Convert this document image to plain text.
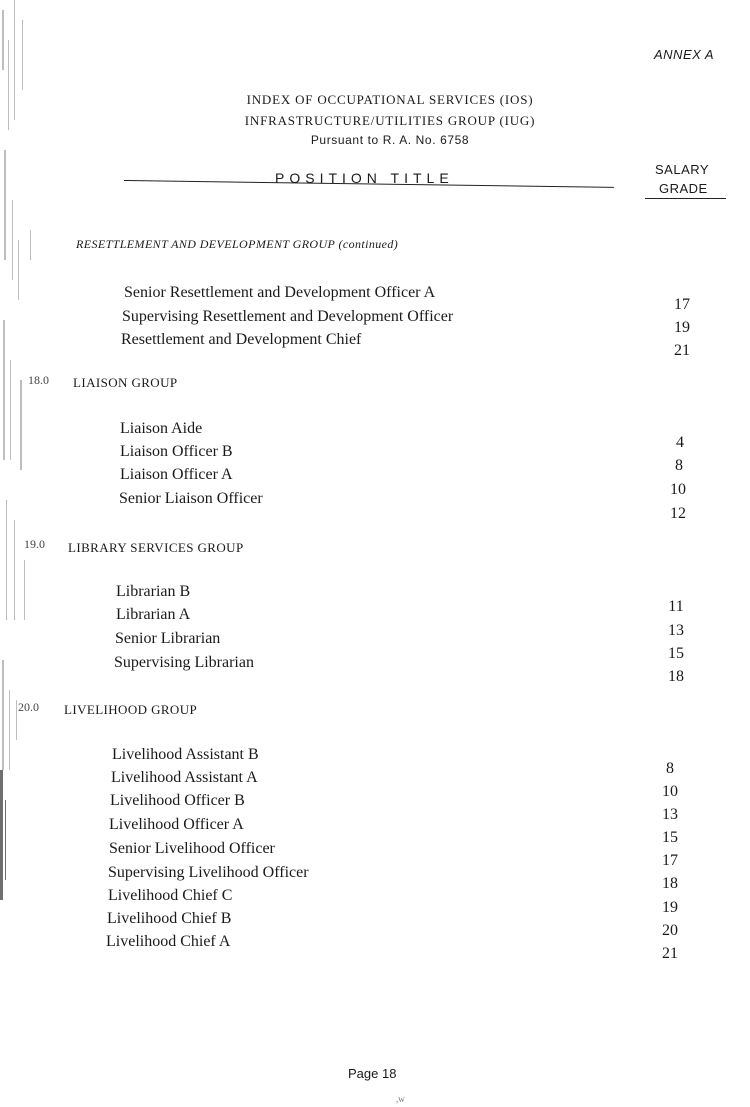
ANNEX A
INDEX OF OCCUPATIONAL SERVICES (IOS)
INFRASTRUCTURE/UTILITIES GROUP (IUG)
Pursuant to R. A. No. 6758
POSITION TITLE
SALARY
GRADE
RESETTLEMENT AND DEVELOPMENT GROUP (continued)
Senior Resettlement and Development Officer A
Supervising Resettlement and Development Officer
Resettlement and Development Chief
17
19
21
18.0 LIAISON GROUP
Liaison Aide
Liaison Officer B
Liaison Officer A
Senior Liaison Officer
4
8
10
12
19.0 LIBRARY SERVICES GROUP
Librarian B
Librarian A
Senior Librarian
Supervising Librarian
11
13
15
18
20.0 LIVELIHOOD GROUP
Livelihood Assistant B
Livelihood Assistant A
Livelihood Officer B
Livelihood Officer A
Senior Livelihood Officer
Supervising Livelihood Officer
Livelihood Chief C
Livelihood Chief B
Livelihood Chief A
8
10
13
15
17
18
19
20
21
Page 18
,w
